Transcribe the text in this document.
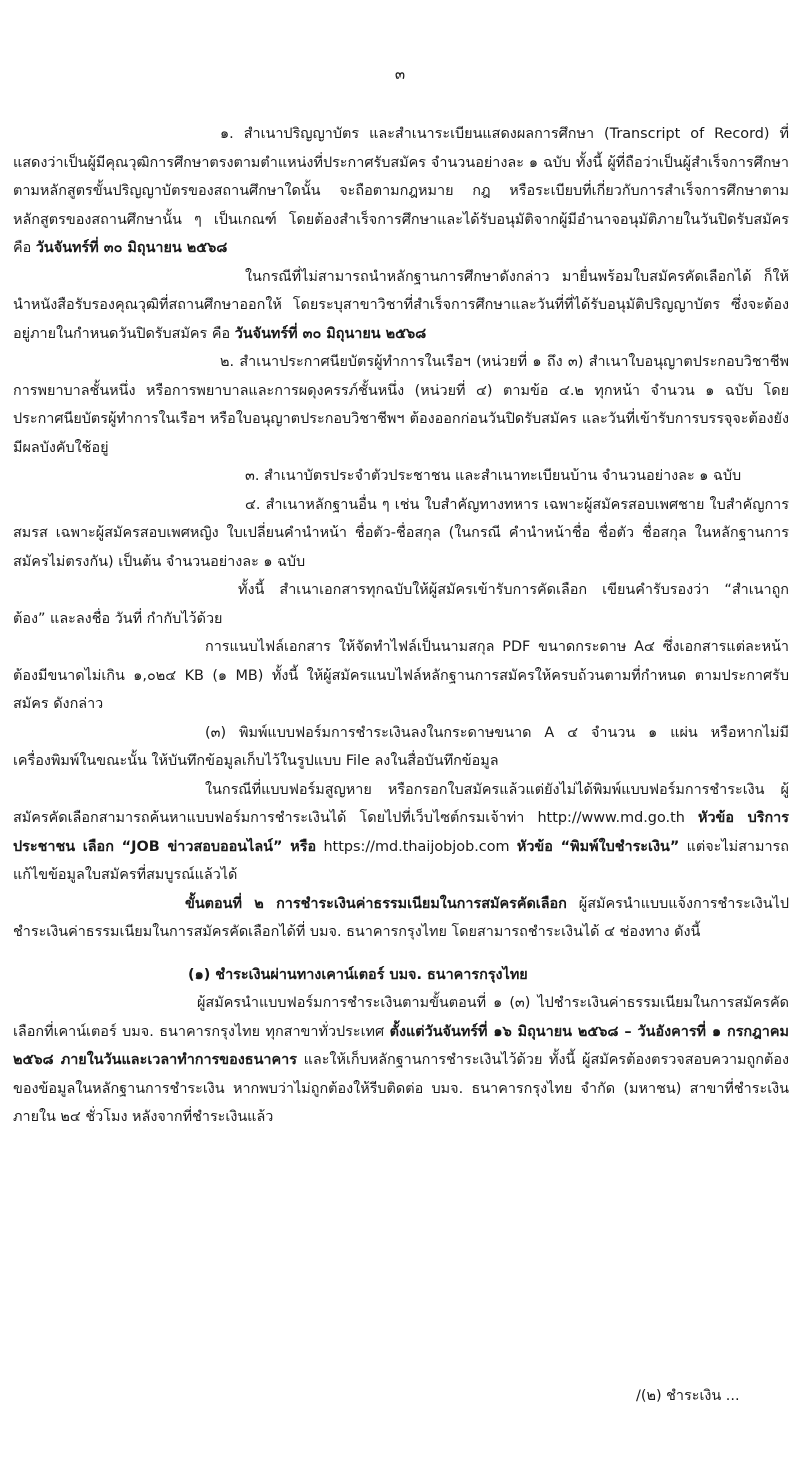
๓

๑. สำเนาปริญญาบัตร และสำเนาระเบียนแสดงผลการศึกษา (Transcript of Record) ที่แสดงว่าเป็นผู้มีคุณวุฒิการศึกษาตรงตามตำแหน่งที่ประกาศรับสมัคร จำนวนอย่างละ ๑ ฉบับ ทั้งนี้ ผู้ที่ถือว่าเป็นผู้สำเร็จการศึกษาตามหลักสูตรขั้นปริญญาบัตรของสถานศึกษาใดนั้น จะถือตามกฎหมาย กฎ หรือระเบียบที่เกี่ยวกับการสำเร็จการศึกษาตามหลักสูตรของสถานศึกษานั้น ๆ เป็นเกณฑ์ โดยต้องสำเร็จการศึกษาและได้รับอนุมัติจากผู้มีอำนาจอนุมัติภายในวันปิดรับสมัคร คือ วันจันทร์ที่ ๓๐ มิถุนายน ๒๕๖๘

ในกรณีที่ไม่สามารถนำหลักฐานการศึกษาดังกล่าว มายื่นพร้อมใบสมัครคัดเลือกได้ ก็ให้นำหนังสือรับรองคุณวุฒิที่สถานศึกษาออกให้ โดยระบุสาขาวิชาที่สำเร็จการศึกษาและวันที่ที่ได้รับอนุมัติปริญญาบัตร ซึ่งจะต้องอยู่ภายในกำหนดวันปิดรับสมัคร คือ วันจันทร์ที่ ๓๐ มิถุนายน ๒๕๖๘

๒. สำเนาประกาศนียบัตรผู้ทำการในเรือฯ (หน่วยที่ ๑ ถึง ๓) สำเนาใบอนุญาตประกอบวิชาชีพการพยาบาลชั้นหนึ่ง หรือการพยาบาลและการผดุงครรภ์ชั้นหนึ่ง (หน่วยที่ ๔) ตามข้อ ๔.๒ ทุกหน้า จำนวน ๑ ฉบับ โดยประกาศนียบัตรผู้ทำการในเรือฯ หรือใบอนุญาตประกอบวิชาชีพฯ ต้องออกก่อนวันปิดรับสมัคร และวันที่เข้ารับการบรรจุจะต้องยังมีผลบังคับใช้อยู่

๓. สำเนาบัตรประจำตัวประชาชน และสำเนาทะเบียนบ้าน จำนวนอย่างละ ๑ ฉบับ

๔. สำเนาหลักฐานอื่น ๆ เช่น ใบสำคัญทางทหาร เฉพาะผู้สมัครสอบเพศชาย ใบสำคัญการสมรส เฉพาะผู้สมัครสอบเพศหญิง ใบเปลี่ยนคำนำหน้า ชื่อตัว-ชื่อสกุล (ในกรณี คำนำหน้าชื่อ ชื่อตัว ชื่อสกุล ในหลักฐานการสมัครไม่ตรงกัน) เป็นต้น จำนวนอย่างละ ๑ ฉบับ

ทั้งนี้ สำเนาเอกสารทุกฉบับให้ผู้สมัครเข้ารับการคัดเลือก เขียนคำรับรองว่า “สำเนาถูกต้อง” และลงชื่อ วันที่ กำกับไว้ด้วย

การแนบไฟล์เอกสาร ให้จัดทำไฟล์เป็นนามสกุล PDF ขนาดกระดาษ A๔ ซึ่งเอกสารแต่ละหน้าต้องมีขนาดไม่เกิน ๑,๐๒๔ KB (๑ MB) ทั้งนี้ ให้ผู้สมัครแนบไฟล์หลักฐานการสมัครให้ครบถ้วนตามที่กำหนด ตามประกาศรับสมัคร ดังกล่าว

(๓) พิมพ์แบบฟอร์มการชำระเงินลงในกระดาษขนาด A ๔ จำนวน ๑ แผ่น หรือหากไม่มีเครื่องพิมพ์ในขณะนั้น ให้บันทึกข้อมูลเก็บไว้ในรูปแบบ File ลงในสื่อบันทึกข้อมูล

ในกรณีที่แบบฟอร์มสูญหาย หรือกรอกใบสมัครแล้วแต่ยังไม่ได้พิมพ์แบบฟอร์มการชำระเงิน ผู้สมัครคัดเลือกสามารถค้นหาแบบฟอร์มการชำระเงินได้ โดยไปที่เว็บไซต์กรมเจ้าท่า http://www.md.go.th หัวข้อ บริการประชาชน เลือก “JOB ข่าวสอบออนไลน์” หรือ https://md.thaijobjob.com หัวข้อ “พิมพ์ใบชำระเงิน” แต่จะไม่สามารถแก้ไขข้อมูลใบสมัครที่สมบูรณ์แล้วได้

ขั้นตอนที่ ๒ การชำระเงินค่าธรรมเนียมในการสมัครคัดเลือก ผู้สมัครนำแบบแจ้งการชำระเงินไปชำระเงินค่าธรรมเนียมในการสมัครคัดเลือกได้ที่ บมจ. ธนาคารกรุงไทย โดยสามารถชำระเงินได้ ๔ ช่องทาง ดังนี้

(๑) ชำระเงินผ่านทางเคาน์เตอร์ บมจ. ธนาคารกรุงไทย

ผู้สมัครนำแบบฟอร์มการชำระเงินตามขั้นตอนที่ ๑ (๓) ไปชำระเงินค่าธรรมเนียมในการสมัครคัดเลือกที่เคาน์เตอร์ บมจ. ธนาคารกรุงไทย ทุกสาขาทั่วประเทศ ตั้งแต่วันจันทร์ที่ ๑๖ มิถุนายน ๒๕๖๘ – วันอังคารที่ ๑ กรกฎาคม ๒๕๖๘ ภายในวันและเวลาทำการของธนาคาร และให้เก็บหลักฐานการชำระเงินไว้ด้วย ทั้งนี้ ผู้สมัครต้องตรวจสอบความถูกต้องของข้อมูลในหลักฐานการชำระเงิน หากพบว่าไม่ถูกต้องให้รีบติดต่อ บมจ. ธนาคารกรุงไทย จำกัด (มหาชน) สาขาที่ชำระเงินภายใน ๒๔ ชั่วโมง หลังจากที่ชำระเงินแล้ว

/(๒) ชำระเงิน ...
